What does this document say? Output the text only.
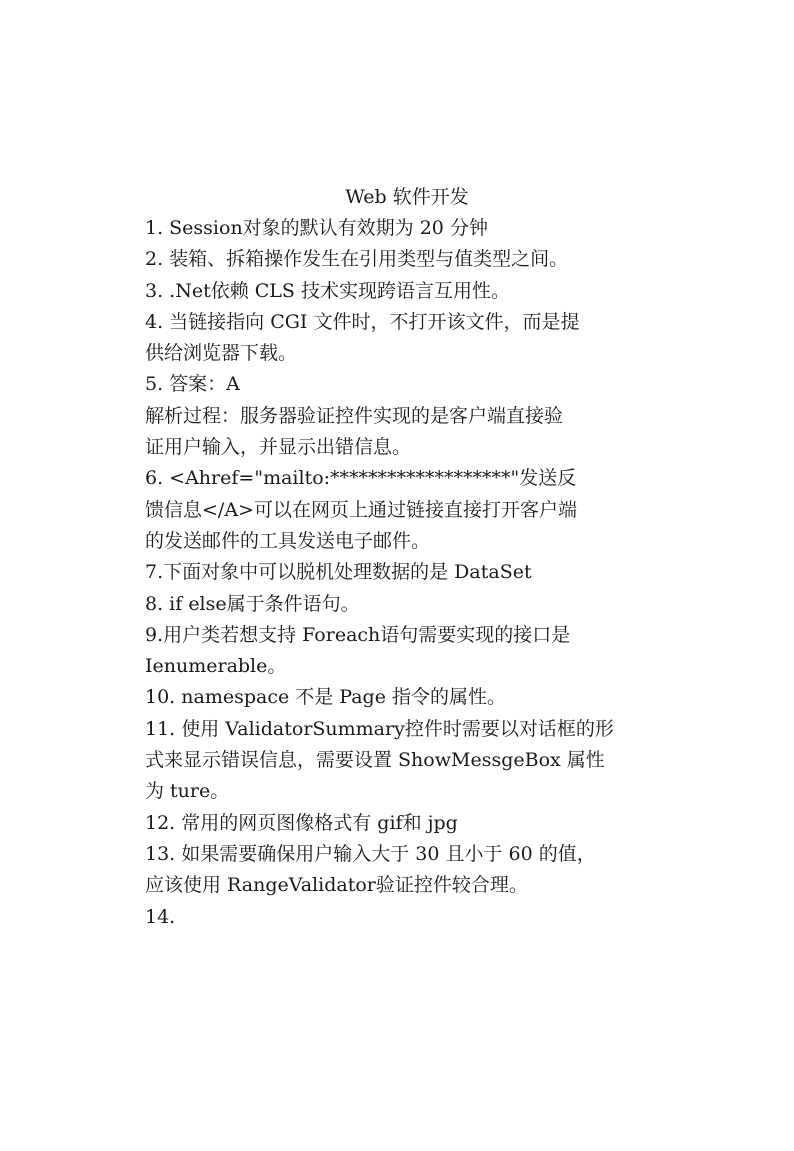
Web 软件开发
1. Session对象的默认有效期为 20 分钟
2. 装箱、拆箱操作发生在引用类型与值类型之间。
3. .Net依赖 CLS 技术实现跨语言互用性。
4. 当链接指向 CGI 文件时，不打开该文件，而是提
供给浏览器下载。
5. 答案：A
解析过程：服务器验证控件实现的是客户端直接验
证用户输入，并显示出错信息。
6. <Ahref="mailto:*******************"发送反
馈信息</A>可以在网页上通过链接直接打开客户端
的发送邮件的工具发送电子邮件。
7.下面对象中可以脱机处理数据的是 DataSet
8. if else属于条件语句。
9.用户类若想支持 Foreach语句需要实现的接口是
Ienumerable。
10. namespace 不是 Page 指令的属性。
11. 使用 ValidatorSummary控件时需要以对话框的形
式来显示错误信息，需要设置 ShowMessgeBox 属性
为 ture。
12. 常用的网页图像格式有 gif和 jpg
13. 如果需要确保用户输入大于 30 且小于 60 的值，
应该使用 RangeValidator验证控件较合理。
14.
